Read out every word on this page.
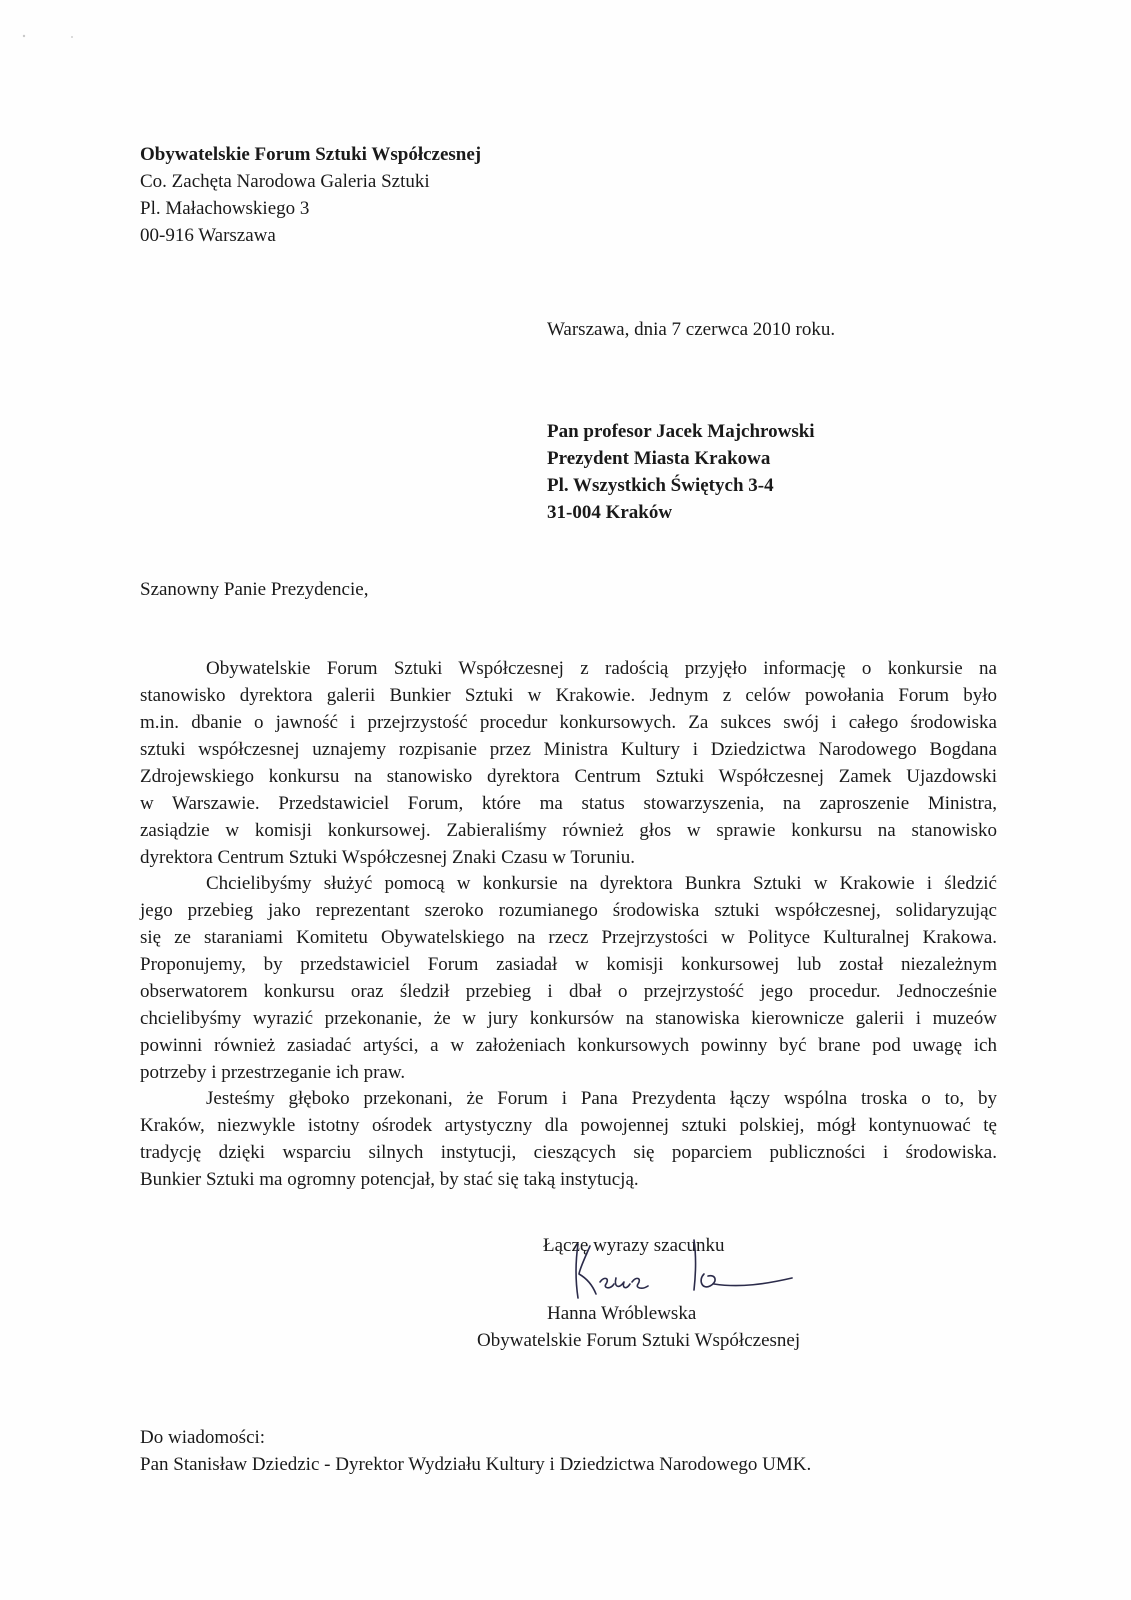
Obywatelskie Forum Sztuki Współczesnej
Co. Zachęta Narodowa Galeria Sztuki
Pl. Małachowskiego 3
00-916 Warszawa
Warszawa, dnia 7 czerwca 2010 roku.
Pan profesor Jacek Majchrowski
Prezydent Miasta Krakowa
Pl. Wszystkich Świętych 3-4
31-004 Kraków
Szanowny Panie Prezydencie,
Obywatelskie Forum Sztuki Współczesnej z radością przyjęło informację o konkursie na
stanowisko dyrektora galerii Bunkier Sztuki w Krakowie. Jednym z celów powołania Forum było
m.in. dbanie o jawność i przejrzystość procedur konkursowych. Za sukces swój i całego środowiska
sztuki współczesnej uznajemy rozpisanie przez Ministra Kultury i Dziedzictwa Narodowego Bogdana
Zdrojewskiego konkursu na stanowisko dyrektora Centrum Sztuki Współczesnej Zamek Ujazdowski
w Warszawie. Przedstawiciel Forum, które ma status stowarzyszenia, na zaproszenie Ministra,
zasiądzie w komisji konkursowej. Zabieraliśmy również głos w sprawie konkursu na stanowisko
dyrektora Centrum Sztuki Współczesnej Znaki Czasu w Toruniu.
Chcielibyśmy służyć pomocą w konkursie na dyrektora Bunkra Sztuki w Krakowie i śledzić
jego przebieg jako reprezentant szeroko rozumianego środowiska sztuki współczesnej, solidaryzując
się ze staraniami Komitetu Obywatelskiego na rzecz Przejrzystości w Polityce Kulturalnej Krakowa.
Proponujemy, by przedstawiciel Forum zasiadał w komisji konkursowej lub został niezależnym
obserwatorem konkursu oraz śledził przebieg i dbał o przejrzystość jego procedur. Jednocześnie
chcielibyśmy wyrazić przekonanie, że w jury konkursów na stanowiska kierownicze galerii i muzeów
powinni również zasiadać artyści, a w założeniach konkursowych powinny być brane pod uwagę ich
potrzeby i przestrzeganie ich praw.
Jesteśmy głęboko przekonani, że Forum i Pana Prezydenta łączy wspólna troska o to, by
Kraków, niezwykle istotny ośrodek artystyczny dla powojennej sztuki polskiej, mógł kontynuować tę
tradycję dzięki wsparciu silnych instytucji, cieszących się poparciem publiczności i środowiska.
Bunkier Sztuki ma ogromny potencjał, by stać się taką instytucją.
Łączę wyrazy szacunku
Hanna Wróblewska
Obywatelskie Forum Sztuki Współczesnej
Do wiadomości:
Pan Stanisław Dziedzic - Dyrektor Wydziału Kultury i Dziedzictwa Narodowego UMK.
